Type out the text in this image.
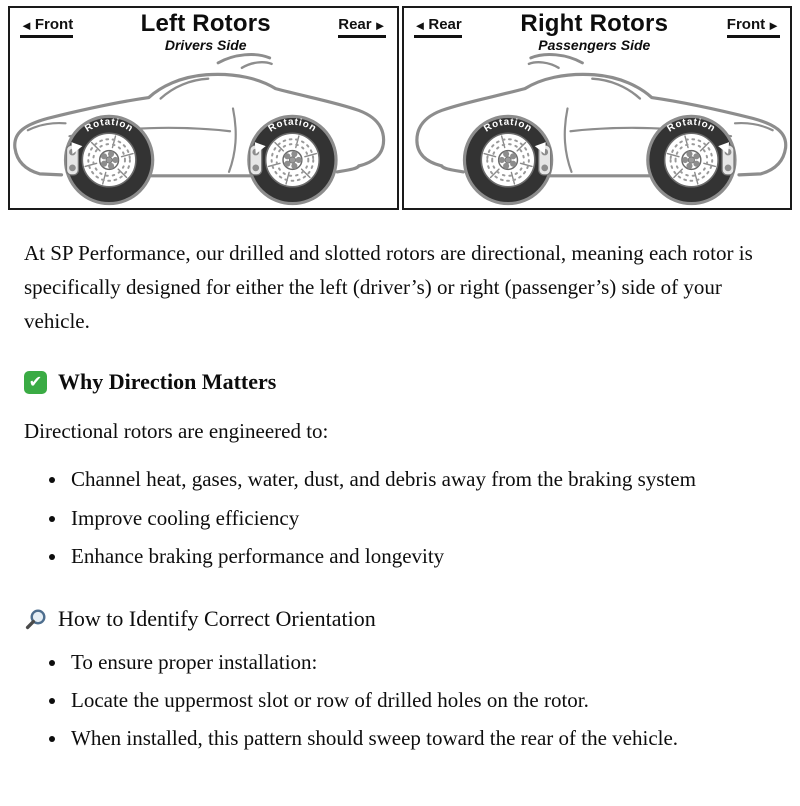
◄ Front	Left Rotors
Drivers Side
Rear ►
Rotation	Rotation
◄ Rear Right Rotors
Passengers Side
Front ►
Rotation
Rotation

At SP Performance, our drilled and slotted rotors are directional, meaning each rotor is specifically designed for either the left (driver’s) or right (passenger’s) side of your vehicle.

✔ Why Direction Matters

Directional rotors are engineered to:

• Channel heat, gases, water, dust, and debris away from the braking system
• Improve cooling efficiency
• Enhance braking performance and longevity
How to Identify Correct Orientation
• To ensure proper installation:
• Locate the uppermost slot or row of drilled holes on the rotor.
• When installed, this pattern should sweep toward the rear of the vehicle.
